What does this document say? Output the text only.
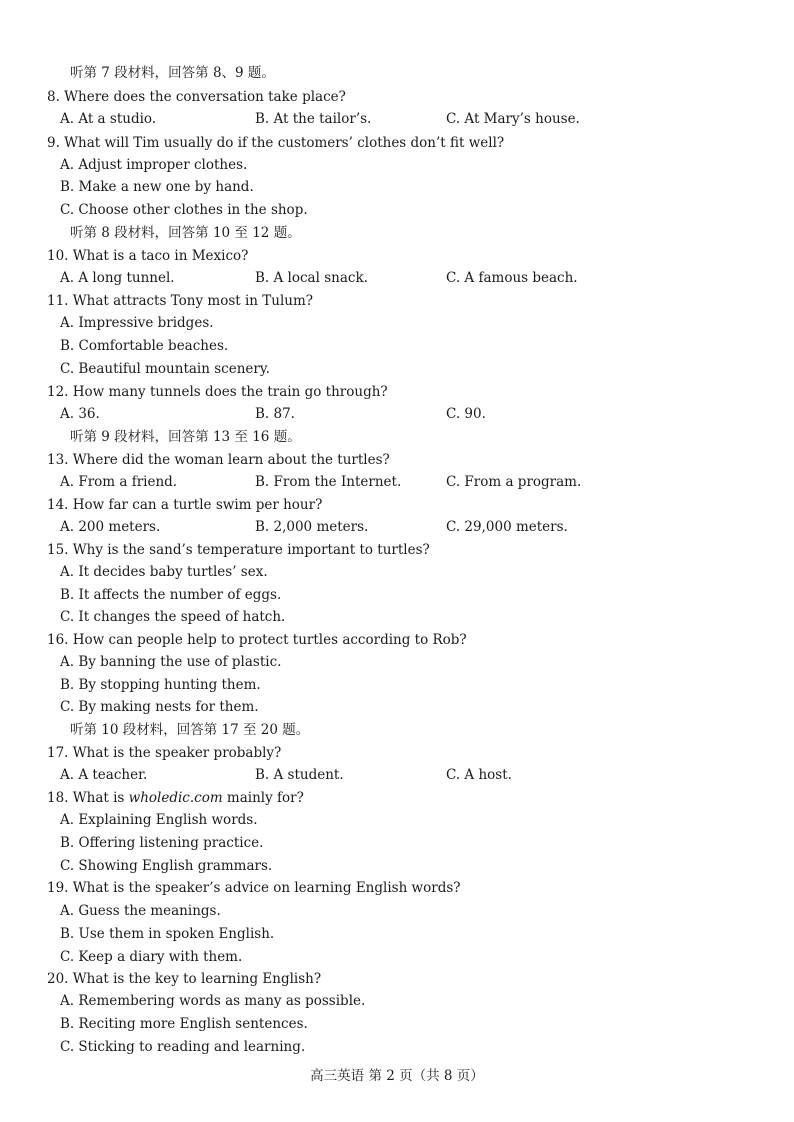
听第 7 段材料，回答第 8、9 题。
8. Where does the conversation take place?
A. At a studio.	B. At the tailor’s.	C. At Mary’s house.
9. What will Tim usually do if the customers’ clothes don’t fit well?
A. Adjust improper clothes.
B. Make a new one by hand.
C. Choose other clothes in the shop.
听第 8 段材料，回答第 10 至 12 题。
10. What is a taco in Mexico?
A. A long tunnel.	B. A local snack.	C. A famous beach.
11. What attracts Tony most in Tulum?
A. Impressive bridges.
B. Comfortable beaches.
C. Beautiful mountain scenery.
12. How many tunnels does the train go through?
A. 36.	B. 87.	C. 90.
听第 9 段材料，回答第 13 至 16 题。
13. Where did the woman learn about the turtles?
A. From a friend.	B. From the Internet.	C. From a program.
14. How far can a turtle swim per hour?
A. 200 meters.	B. 2,000 meters.	C. 29,000 meters.
15. Why is the sand’s temperature important to turtles?
A. It decides baby turtles’ sex.
B. It affects the number of eggs.
C. It changes the speed of hatch.
16. How can people help to protect turtles according to Rob?
A. By banning the use of plastic.
B. By stopping hunting them.
C. By making nests for them.
听第 10 段材料，回答第 17 至 20 题。
17. What is the speaker probably?
A. A teacher.	B. A student.	C. A host.
18. What is wholedic.com mainly for?
A. Explaining English words.
B. Offering listening practice.
C. Showing English grammars.
19. What is the speaker’s advice on learning English words?
A. Guess the meanings.
B. Use them in spoken English.
C. Keep a diary with them.
20. What is the key to learning English?
A. Remembering words as many as possible.
B. Reciting more English sentences.
C. Sticking to reading and learning.
高三英语 第 2 页（共 8 页）
